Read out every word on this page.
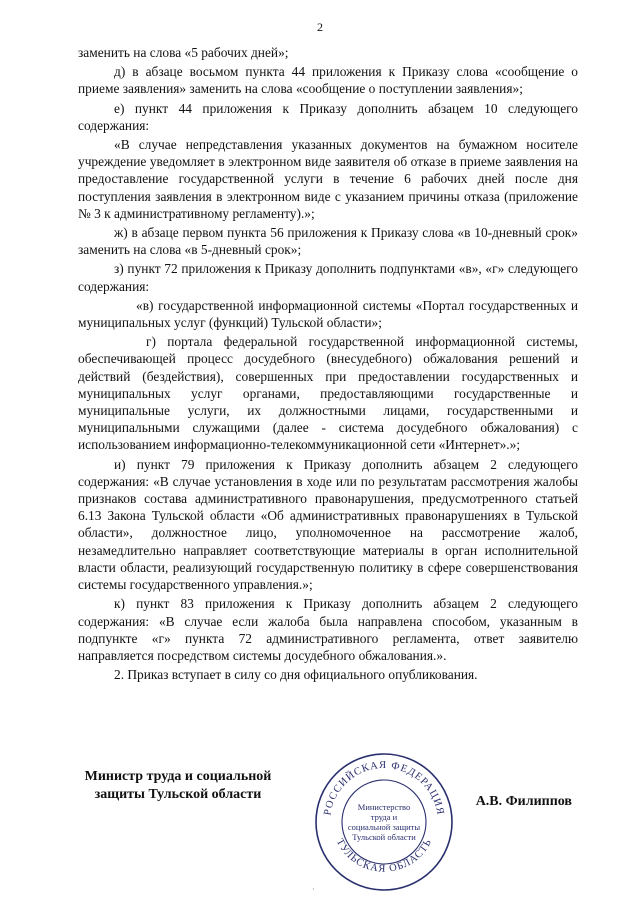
2

заменить на слова «5 рабочих дней»;

д) в абзаце восьмом пункта 44 приложения к Приказу слова «сообщение о приеме заявления» заменить на слова «сообщение о поступлении заявления»;

е) пункт 44 приложения к Приказу дополнить абзацем 10 следующего содержания:

«В случае непредставления указанных документов на бумажном носителе учреждение уведомляет в электронном виде заявителя об отказе в приеме заявления на предоставление государственной услуги в течение 6 рабочих дней после дня поступления заявления в электронном виде с указанием причины отказа (приложение № 3 к административному регламенту).»;

ж) в абзаце первом пункта 56 приложения к Приказу слова «в 10-дневный срок» заменить на слова «в 5-дневный срок»;

з) пункт 72 приложения к Приказу дополнить подпунктами «в», «г» следующего содержания:

«в) государственной информационной системы «Портал государственных и муниципальных услуг (функций) Тульской области»;

г) портала федеральной государственной информационной системы, обеспечивающей процесс досудебного (внесудебного) обжалования решений и действий (бездействия), совершенных при предоставлении государственных и муниципальных услуг органами, предоставляющими государственные и муниципальные услуги, их должностными лицами, государственными и муниципальными служащими (далее - система досудебного обжалования) с использованием информационно-телекоммуникационной сети «Интернет».»;

и) пункт 79 приложения к Приказу дополнить абзацем 2 следующего содержания: «В случае установления в ходе или по результатам рассмотрения жалобы признаков состава административного правонарушения, предусмотренного статьей 6.13 Закона Тульской области «Об административных правонарушениях в Тульской области», должностное лицо, уполномоченное на рассмотрение жалоб, незамедлительно направляет соответствующие материалы в орган исполнительной власти области, реализующий государственную политику в сфере совершенствования системы государственного управления.»;

к) пункт 83 приложения к Приказу дополнить абзацем 2 следующего содержания: «В случае если жалоба была направлена способом, указанным в подпункте «г» пункта 72 административного регламента, ответ заявителю направляется посредством системы досудебного обжалования.».

2. Приказ вступает в силу со дня официального опубликования.

Министр труда и социальной
защиты Тульской области
РОССИЙСКАЯ ФЕДЕРАЦИЯ
ТУЛЬСКАЯ ОБЛАСТЬ
Министерство
труда и
социальной защиты
Тульской области
А.В. Филиппов
·
